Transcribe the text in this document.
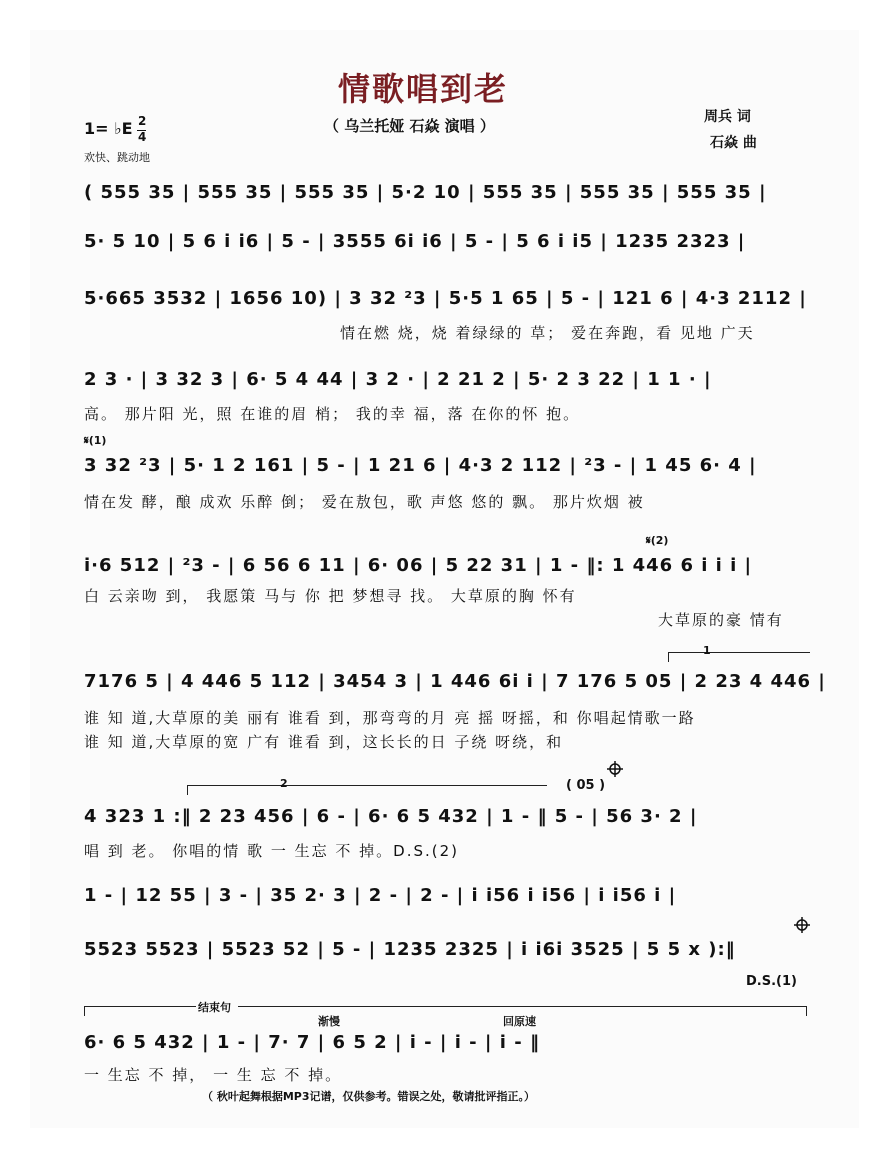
情歌唱到老
（ 乌兰托娅 石焱 演唱 ）
1= ♭E 2
4
欢快、跳动地
周兵 词
石焱 曲
( 555 35 | 555 35 | 555 35 | 5·2 10 | 555 35 | 555 35 | 555 35 |
5· 5 10 | 5 6 i i6 | 5 - | 3555 6i i6 | 5 - | 5 6 i i5 | 1235 2323 |
5·665 3532 | 1656 10) | 3 32 ²3 | 5·5 1 65 | 5 - | 121 6 | 4·3 2112 |
情在燃 烧，烧 着绿绿的 草； 爱在奔跑，看 见地 广天
2 3 · | 3 32 3 | 6· 5 4 44 | 3 2 · | 2 21 2 | 5· 2 3 22 | 1 1 · |
高。 那片阳 光，照 在谁的眉 梢； 我的幸 福，落 在你的怀 抱。
𝄋(1)
3 32 ²3 | 5· 1 2 161 | 5 - | 1 21 6 | 4·3 2 112 | ²3 - | 1 45 6· 4 |
情在发 酵，酿 成欢 乐醉 倒； 爱在敖包，歌 声悠 悠的 飘。 那片炊烟 被
𝄋(2)
i·6 512 | ²3 - | 6 56 6 11 | 6· 06 | 5 22 31 | 1 - ‖: 1 446 6 i i i |
白 云亲吻 到， 我愿策 马与 你 把 梦想寻 找。 大草原的胸 怀有
大草原的豪 情有
1
7176 5 | 4 446 5 112 | 3454 3 | 1 446 6i i | 7 176 5 05 | 2 23 4 446 |
谁 知 道,大草原的美 丽有 谁看 到，那弯弯的月 亮 摇 呀摇，和 你唱起情歌一路
谁 知 道,大草原的宽 广有 谁看 到，这长长的日 子绕 呀绕，和
2	( 05 )
4 323 1 :‖ 2 23 456 | 6 - | 6· 6 5 432 | 1 - ‖ 5 - | 56 3· 2 |
唱 到 老。 你唱的情 歌 一 生忘 不 掉。D.S.(2)
1 - | 12 55 | 3 - | 35 2· 3 | 2 - | 2 - | i i56 i i56 | i i56 i |
5523 5523 | 5523 52 | 5 - | 1235 2325 | i i6i 3525 | 5 5 x ):‖
D.S.(1)
结束句
渐慢	回原速
6· 6 5 432 | 1 - | 7· 7 | 6 5 2 | i - | i - | i - ‖
一 生忘 不 掉， 一 生 忘 不 掉。
（ 秋叶起舞根据MP3记谱，仅供参考。错误之处，敬请批评指正。）
